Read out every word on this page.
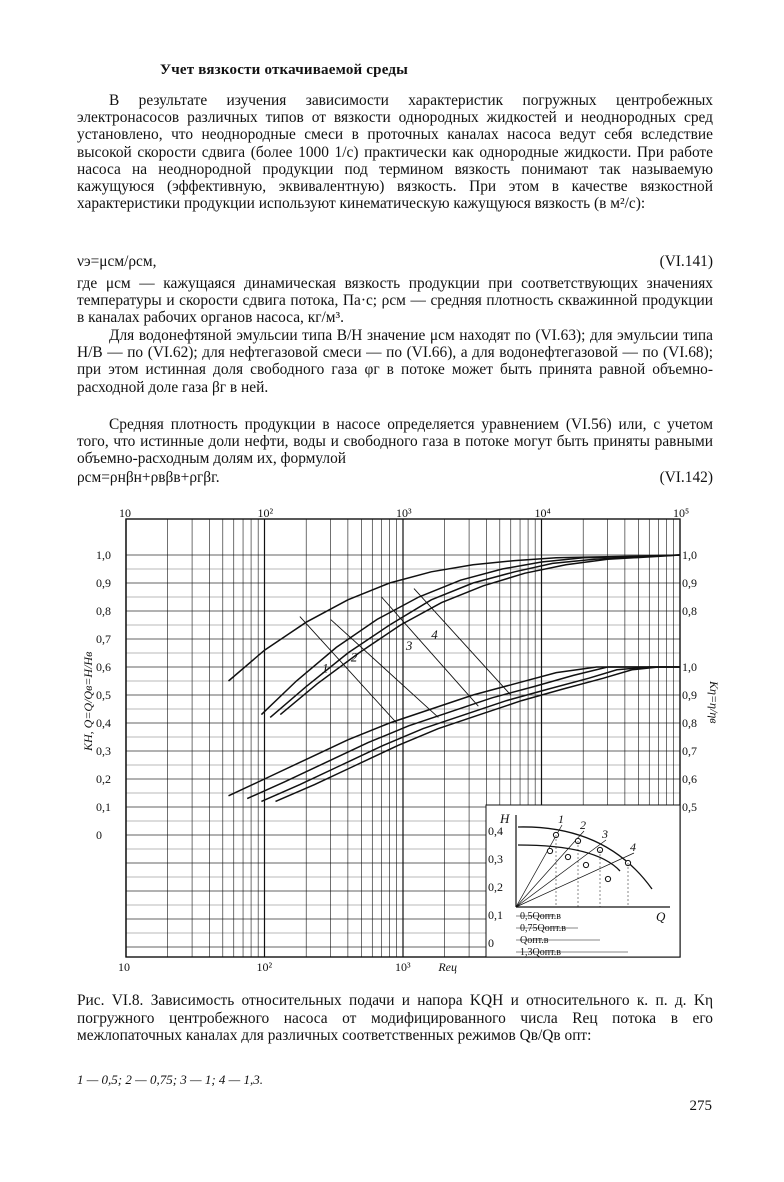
Учет вязкости откачиваемой среды

В результате изучения зависимости характеристик погружных центробежных электронасосов различных типов от вязкости однородных жидкостей и неоднородных сред установлено, что неоднородные смеси в проточных каналах насоса ведут себя вследствие высокой скорости сдвига (более 1000 1/с) практически как однородные жидкости. При работе насоса на неоднородной продукции под термином вязкость понимают так называемую кажущуюся (эффективную, эквивалентную) вязкость. При этом в качестве вязкостной характеристики продукции используют кинематическую кажущуюся вязкость (в м²/с):

νэ=μсм/ρсм,	(VI.141)

где μсм — кажущаяся динамическая вязкость продукции при соответствующих значениях температуры и скорости сдвига потока, Па·с; ρсм — средняя плотность скважинной продукции в каналах рабочих органов насоса, кг/м³.

Для водонефтяной эмульсии типа В/Н значение μсм находят по (VI.63); для эмульсии типа Н/В — по (VI.62); для нефтегазовой смеси — по (VI.66), а для водонефтегазовой — по (VI.68); при этом истинная доля свободного газа φг в потоке может быть принята равной объемно-расходной доле газа βг в ней.

Средняя плотность продукции в насосе определяется уравнением (VI.56) или, с учетом того, что истинные доли нефти, воды и свободного газа в потоке могут быть приняты равными объемно-расходным долям их, формулой

ρсм=ρнβн+ρвβв+ρгβг.	(VI.142)
10	10²	10³	10⁴	10⁵
10	10²	10³ Reц
1,0
0,9
0,8
0,7
0,6
0,5
0,4
0,3
0,2
0,1
0
KH, Q=Q/Qв=H/Hв
1,0
0,9
0,8
1,0
0,9
0,8
0,7
0,6
0,5
Kη=η/ηв
1
2
3
4
0,4
0,3
0,2
0,1
0
H
Q
1 2
3
4
0,5Qопт.в
0,75Qопт.в
Qопт.в
1,3Qопт.в

Рис. VI.8. Зависимость относительных подачи и напора KQH и относительного к. п. д. Kη погружного центробежного насоса от модифицированного числа Reц потока в его межлопаточных каналах для различных соответственных режимов Qв/Qв опт:

1 — 0,5; 2 — 0,75; 3 — 1; 4 — 1,3.
275
